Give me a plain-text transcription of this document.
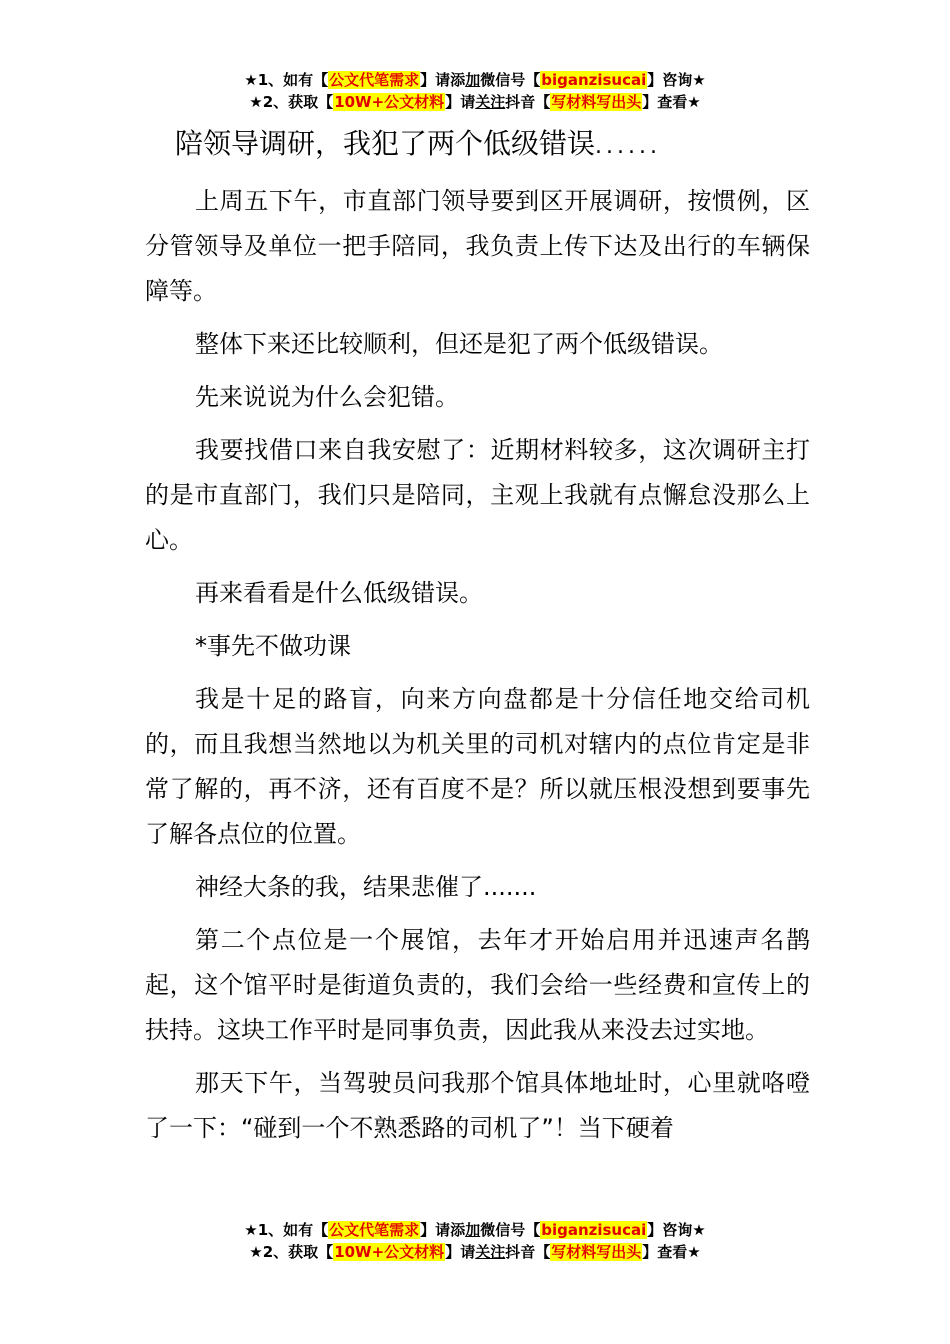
★1、如有【公文代笔需求】请添加微信号【biganzisucai】咨询★
★2、获取【10W+公文材料】请关注抖音【写材料写出头】查看★
陪领导调研，我犯了两个低级错误......

上周五下午，市直部门领导要到区开展调研，按惯例，区分管领导及单位一把手陪同，我负责上传下达及出行的车辆保障等。

整体下来还比较顺利，但还是犯了两个低级错误。

先来说说为什么会犯错。

我要找借口来自我安慰了：近期材料较多，这次调研主打的是市直部门，我们只是陪同，主观上我就有点懈怠没那么上心。

再来看看是什么低级错误。

*事先不做功课

我是十足的路盲，向来方向盘都是十分信任地交给司机的，而且我想当然地以为机关里的司机对辖内的点位肯定是非常了解的，再不济，还有百度不是？所以就压根没想到要事先了解各点位的位置。

神经大条的我，结果悲催了.......

第二个点位是一个展馆，去年才开始启用并迅速声名鹊起，这个馆平时是街道负责的，我们会给一些经费和宣传上的扶持。这块工作平时是同事负责，因此我从来没去过实地。

那天下午，当驾驶员问我那个馆具体地址时，心里就咯噔了一下：“碰到一个不熟悉路的司机了”！当下硬着

★1、如有【公文代笔需求】请添加微信号【biganzisucai】咨询★
★2、获取【10W+公文材料】请关注抖音【写材料写出头】查看★
